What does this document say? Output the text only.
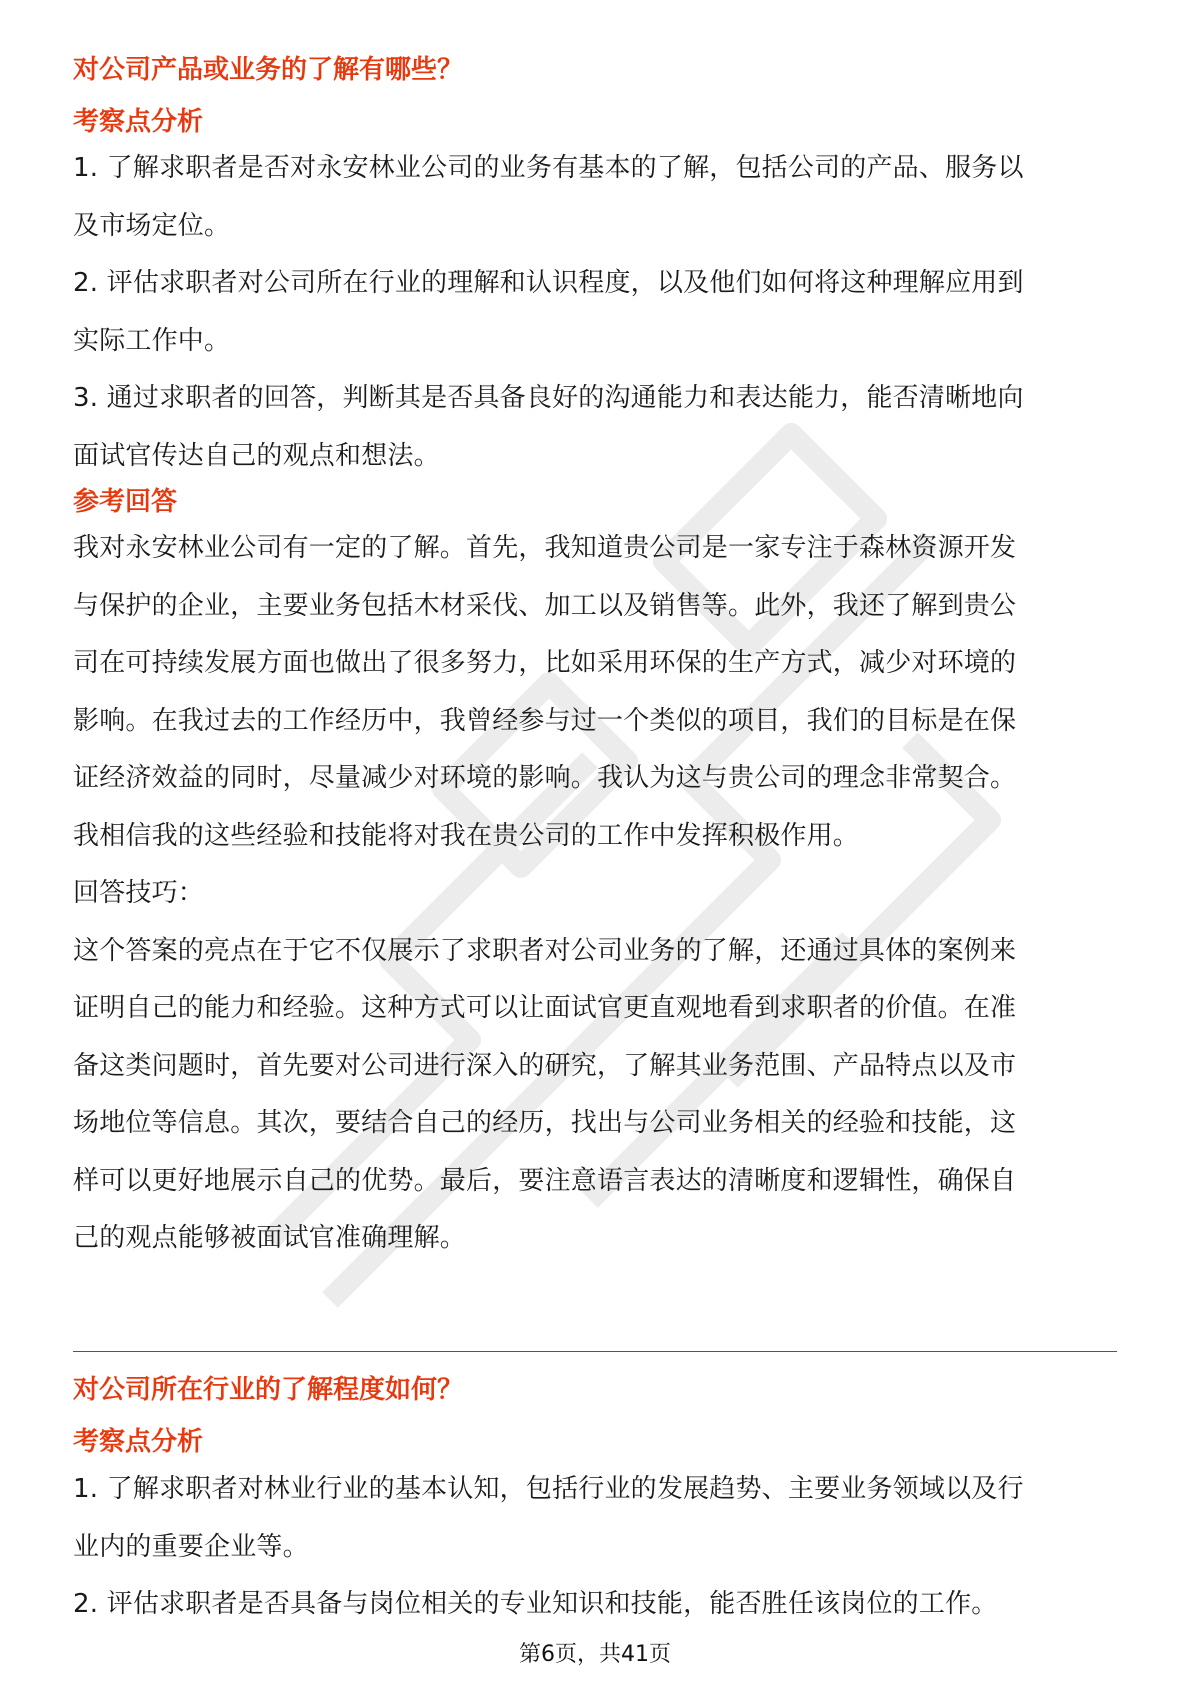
对公司产品或业务的了解有哪些？
考察点分析

1. 了解求职者是否对永安林业公司的业务有基本的了解，包括公司的产品、服务以

及市场定位。

2. 评估求职者对公司所在行业的理解和认识程度，以及他们如何将这种理解应用到

实际工作中。

3. 通过求职者的回答，判断其是否具备良好的沟通能力和表达能力，能否清晰地向

面试官传达自己的观点和想法。

参考回答

我对永安林业公司有一定的了解。首先，我知道贵公司是一家专注于森林资源开发

与保护的企业，主要业务包括木材采伐、加工以及销售等。此外，我还了解到贵公

司在可持续发展方面也做出了很多努力，比如采用环保的生产方式，减少对环境的

影响。在我过去的工作经历中，我曾经参与过一个类似的项目，我们的目标是在保

证经济效益的同时，尽量减少对环境的影响。我认为这与贵公司的理念非常契合。

我相信我的这些经验和技能将对我在贵公司的工作中发挥积极作用。

回答技巧：

这个答案的亮点在于它不仅展示了求职者对公司业务的了解，还通过具体的案例来

证明自己的能力和经验。这种方式可以让面试官更直观地看到求职者的价值。在准

备这类问题时，首先要对公司进行深入的研究，了解其业务范围、产品特点以及市

场地位等信息。其次，要结合自己的经历，找出与公司业务相关的经验和技能，这

样可以更好地展示自己的优势。最后，要注意语言表达的清晰度和逻辑性，确保自

己的观点能够被面试官准确理解。

对公司所在行业的了解程度如何？
考察点分析

1. 了解求职者对林业行业的基本认知，包括行业的发展趋势、主要业务领域以及行

业内的重要企业等。

2. 评估求职者是否具备与岗位相关的专业知识和技能，能否胜任该岗位的工作。

第6页，共41页
